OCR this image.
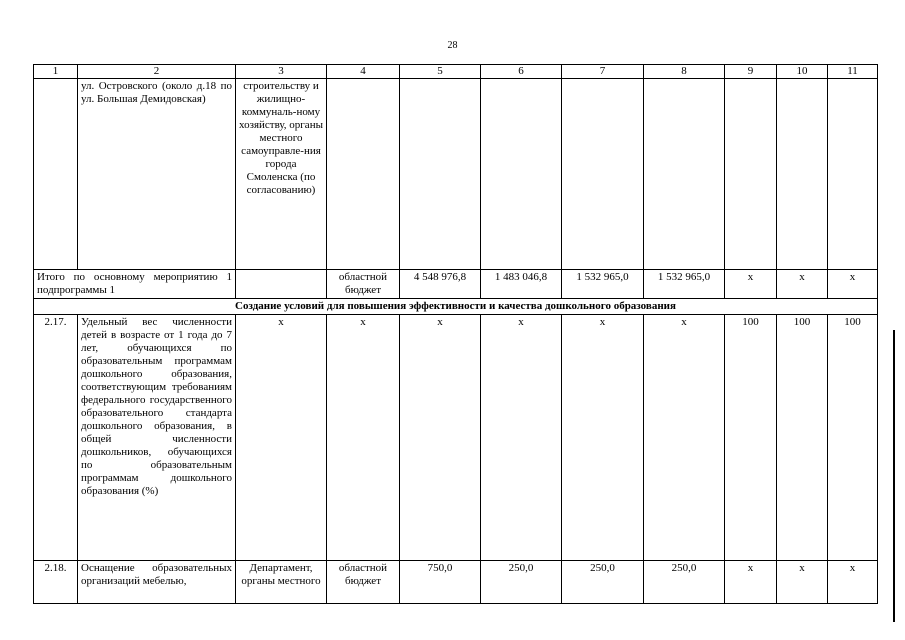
28
1	2	3	4	5	6	7	8	9	10	11
	ул. Островского (около д.18 по ул. Большая Демидовская)	строительству и жилищно-коммуналь-ному хозяйству, органы местного самоуправле-ния города Смоленска (по согласованию)								
Итого по основному мероприятию 1 подпрограммы 1			областной бюджет	4 548 976,8	1 483 046,8	1 532 965,0	1 532 965,0	х	х	х
Создание условий для повышения эффективности и качества дошкольного образования										
2.17.	Удельный вес численности детей в возрасте от 1 года до 7 лет, обучающихся по образовательным программам дошкольного образования, соответствующим требованиям федерального государственного образовательного стандарта дошкольного образования, в общей численности дошкольников, обучающихся по образовательным программам дошкольного образования (%)	х	х	х	х	х	х	100	100	100
2.18.	Оснащение образовательных организаций мебелью,	Департамент, органы местного	областной бюджет	750,0	250,0	250,0	250,0	х	х	х
